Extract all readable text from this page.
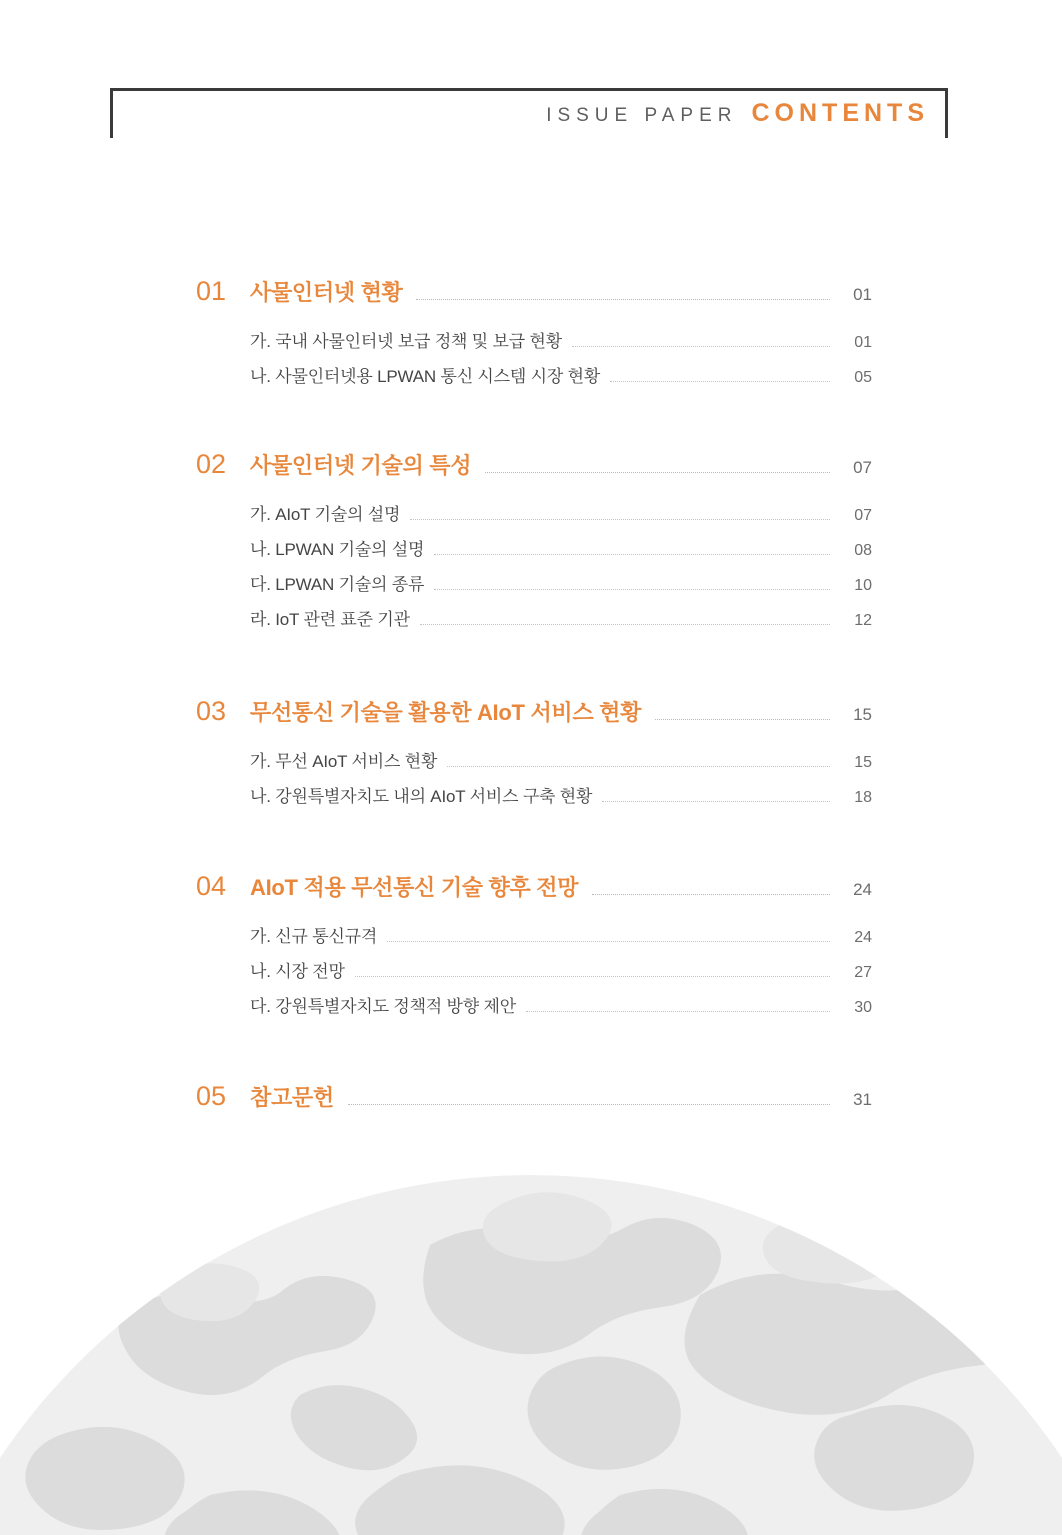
ISSUE PAPER CONTENTS
01	사물인터넷 현황	01
가. 국내 사물인터넷 보급 정책 및 보급 현황	01
나. 사물인터넷용 LPWAN 통신 시스템 시장 현황	05
02	사물인터넷 기술의 특성	07
가. AIoT 기술의 설명	07
나. LPWAN 기술의 설명	08
다. LPWAN 기술의 종류	10
라. IoT 관련 표준 기관	12
03	무선통신 기술을 활용한 AIoT 서비스 현황	15
가. 무선 AIoT 서비스 현황	15
나. 강원특별자치도 내의 AIoT 서비스 구축 현황	18
04	AIoT 적용 무선통신 기술 향후 전망	24
가. 신규 통신규격	24
나. 시장 전망	27
다. 강원특별자치도 정책적 방향 제안	30
05	참고문헌	31
